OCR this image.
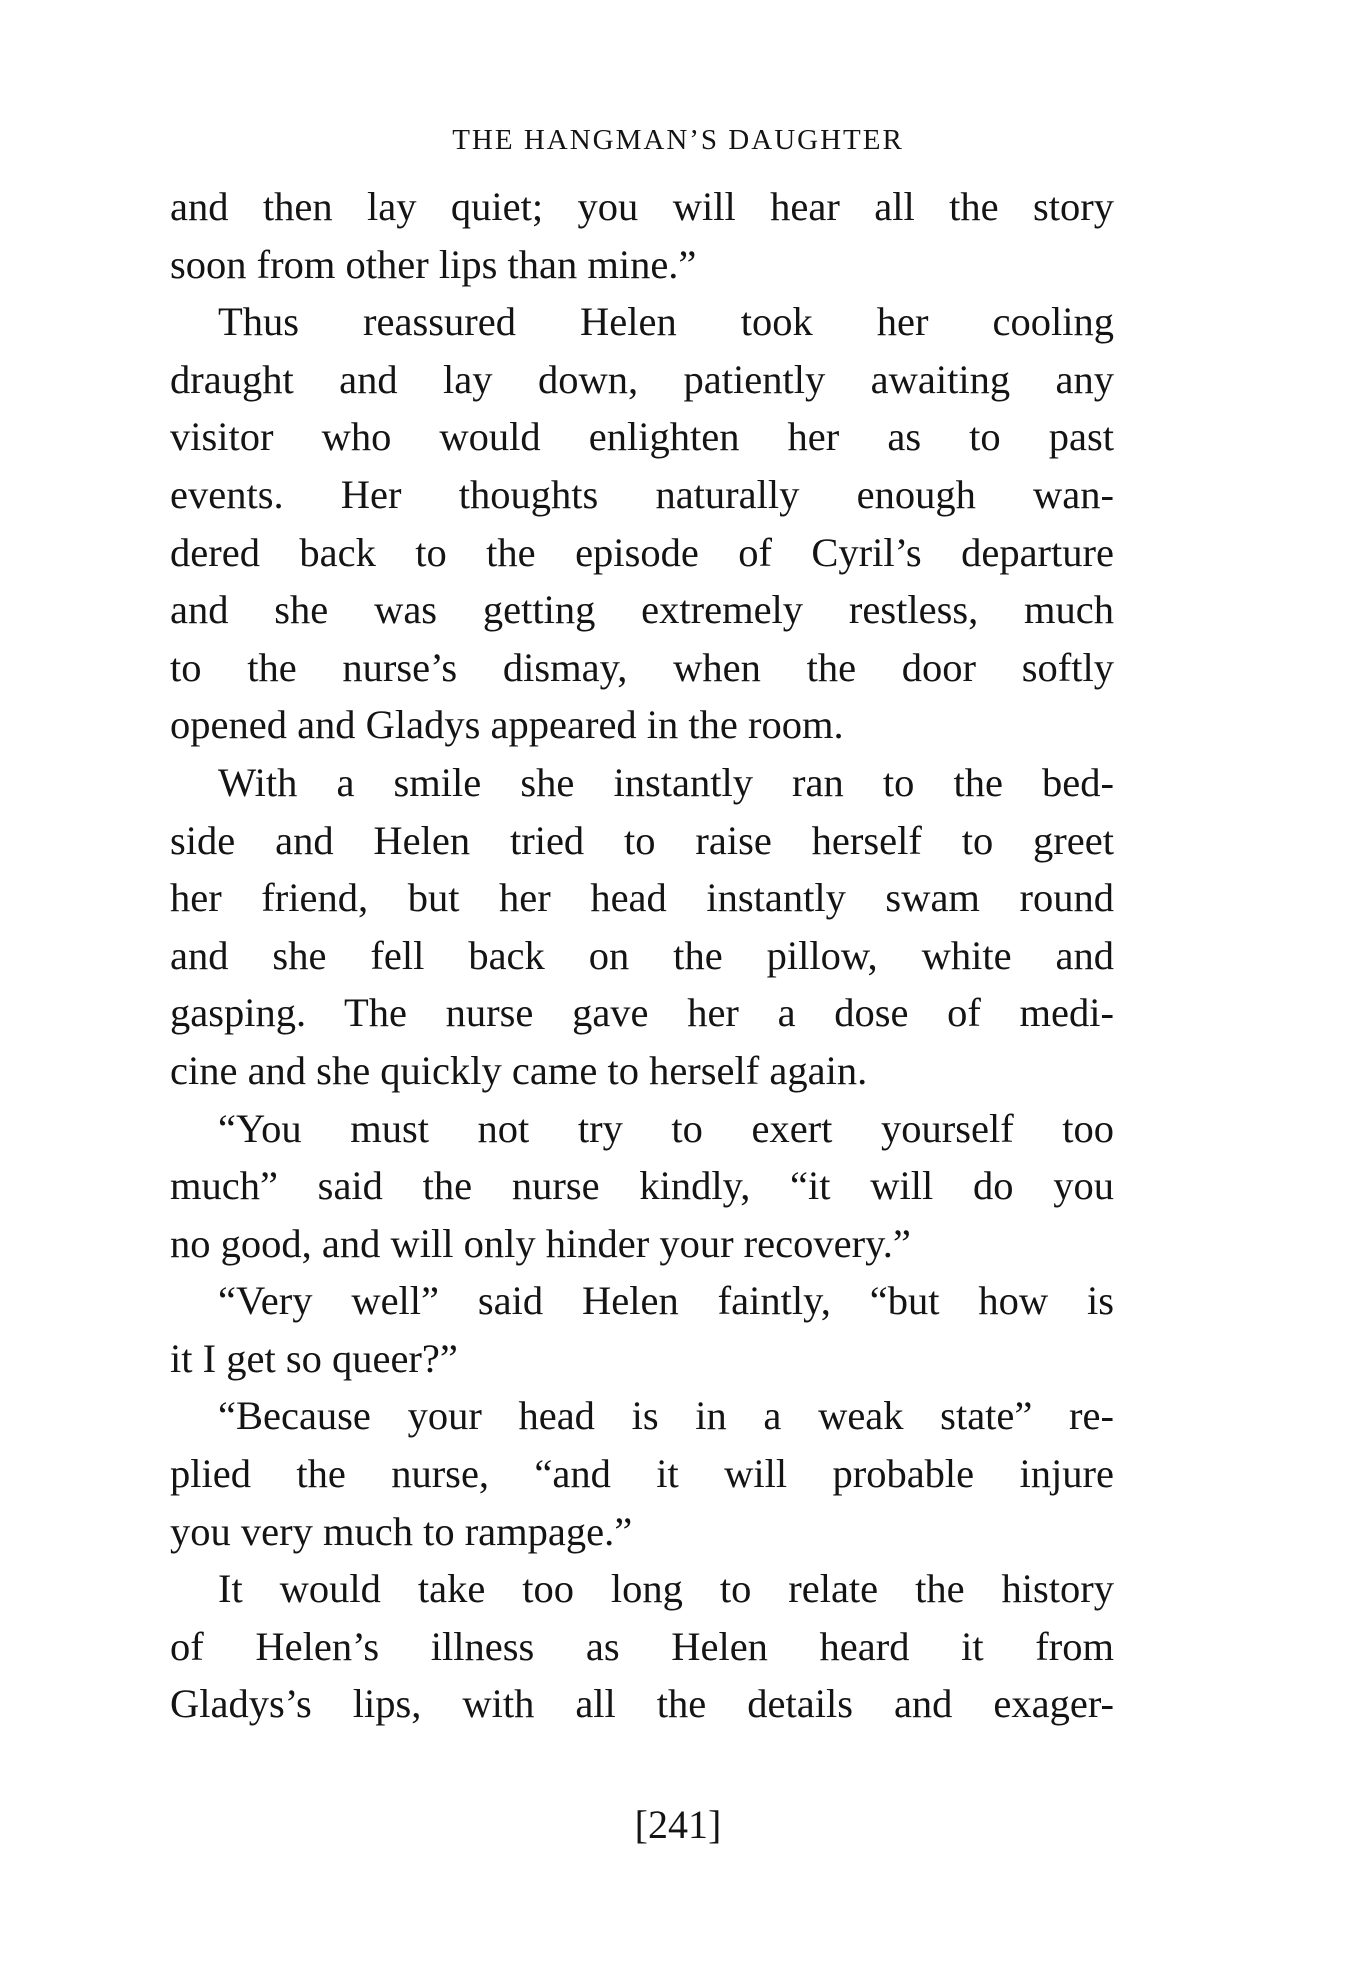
THE HANGMAN’S DAUGHTER
and then lay quiet; you will hear all the story
soon from other lips than mine.”
Thus reassured Helen took her cooling
draught and lay down, patiently awaiting any
visitor who would enlighten her as to past
events. Her thoughts naturally enough wan-
dered back to the episode of Cyril’s departure
and she was getting extremely restless, much
to the nurse’s dismay, when the door softly
opened and Gladys appeared in the room.
With a smile she instantly ran to the bed-
side and Helen tried to raise herself to greet
her friend, but her head instantly swam round
and she fell back on the pillow, white and
gasping. The nurse gave her a dose of medi-
cine and she quickly came to herself again.
“You must not try to exert yourself too
much” said the nurse kindly, “it will do you
no good, and will only hinder your recovery.”
“Very well” said Helen faintly, “but how is
it I get so queer?”
“Because your head is in a weak state” re-
plied the nurse, “and it will probable injure
you very much to rampage.”
It would take too long to relate the history
of Helen’s illness as Helen heard it from
Gladys’s lips, with all the details and exager-
[241]
